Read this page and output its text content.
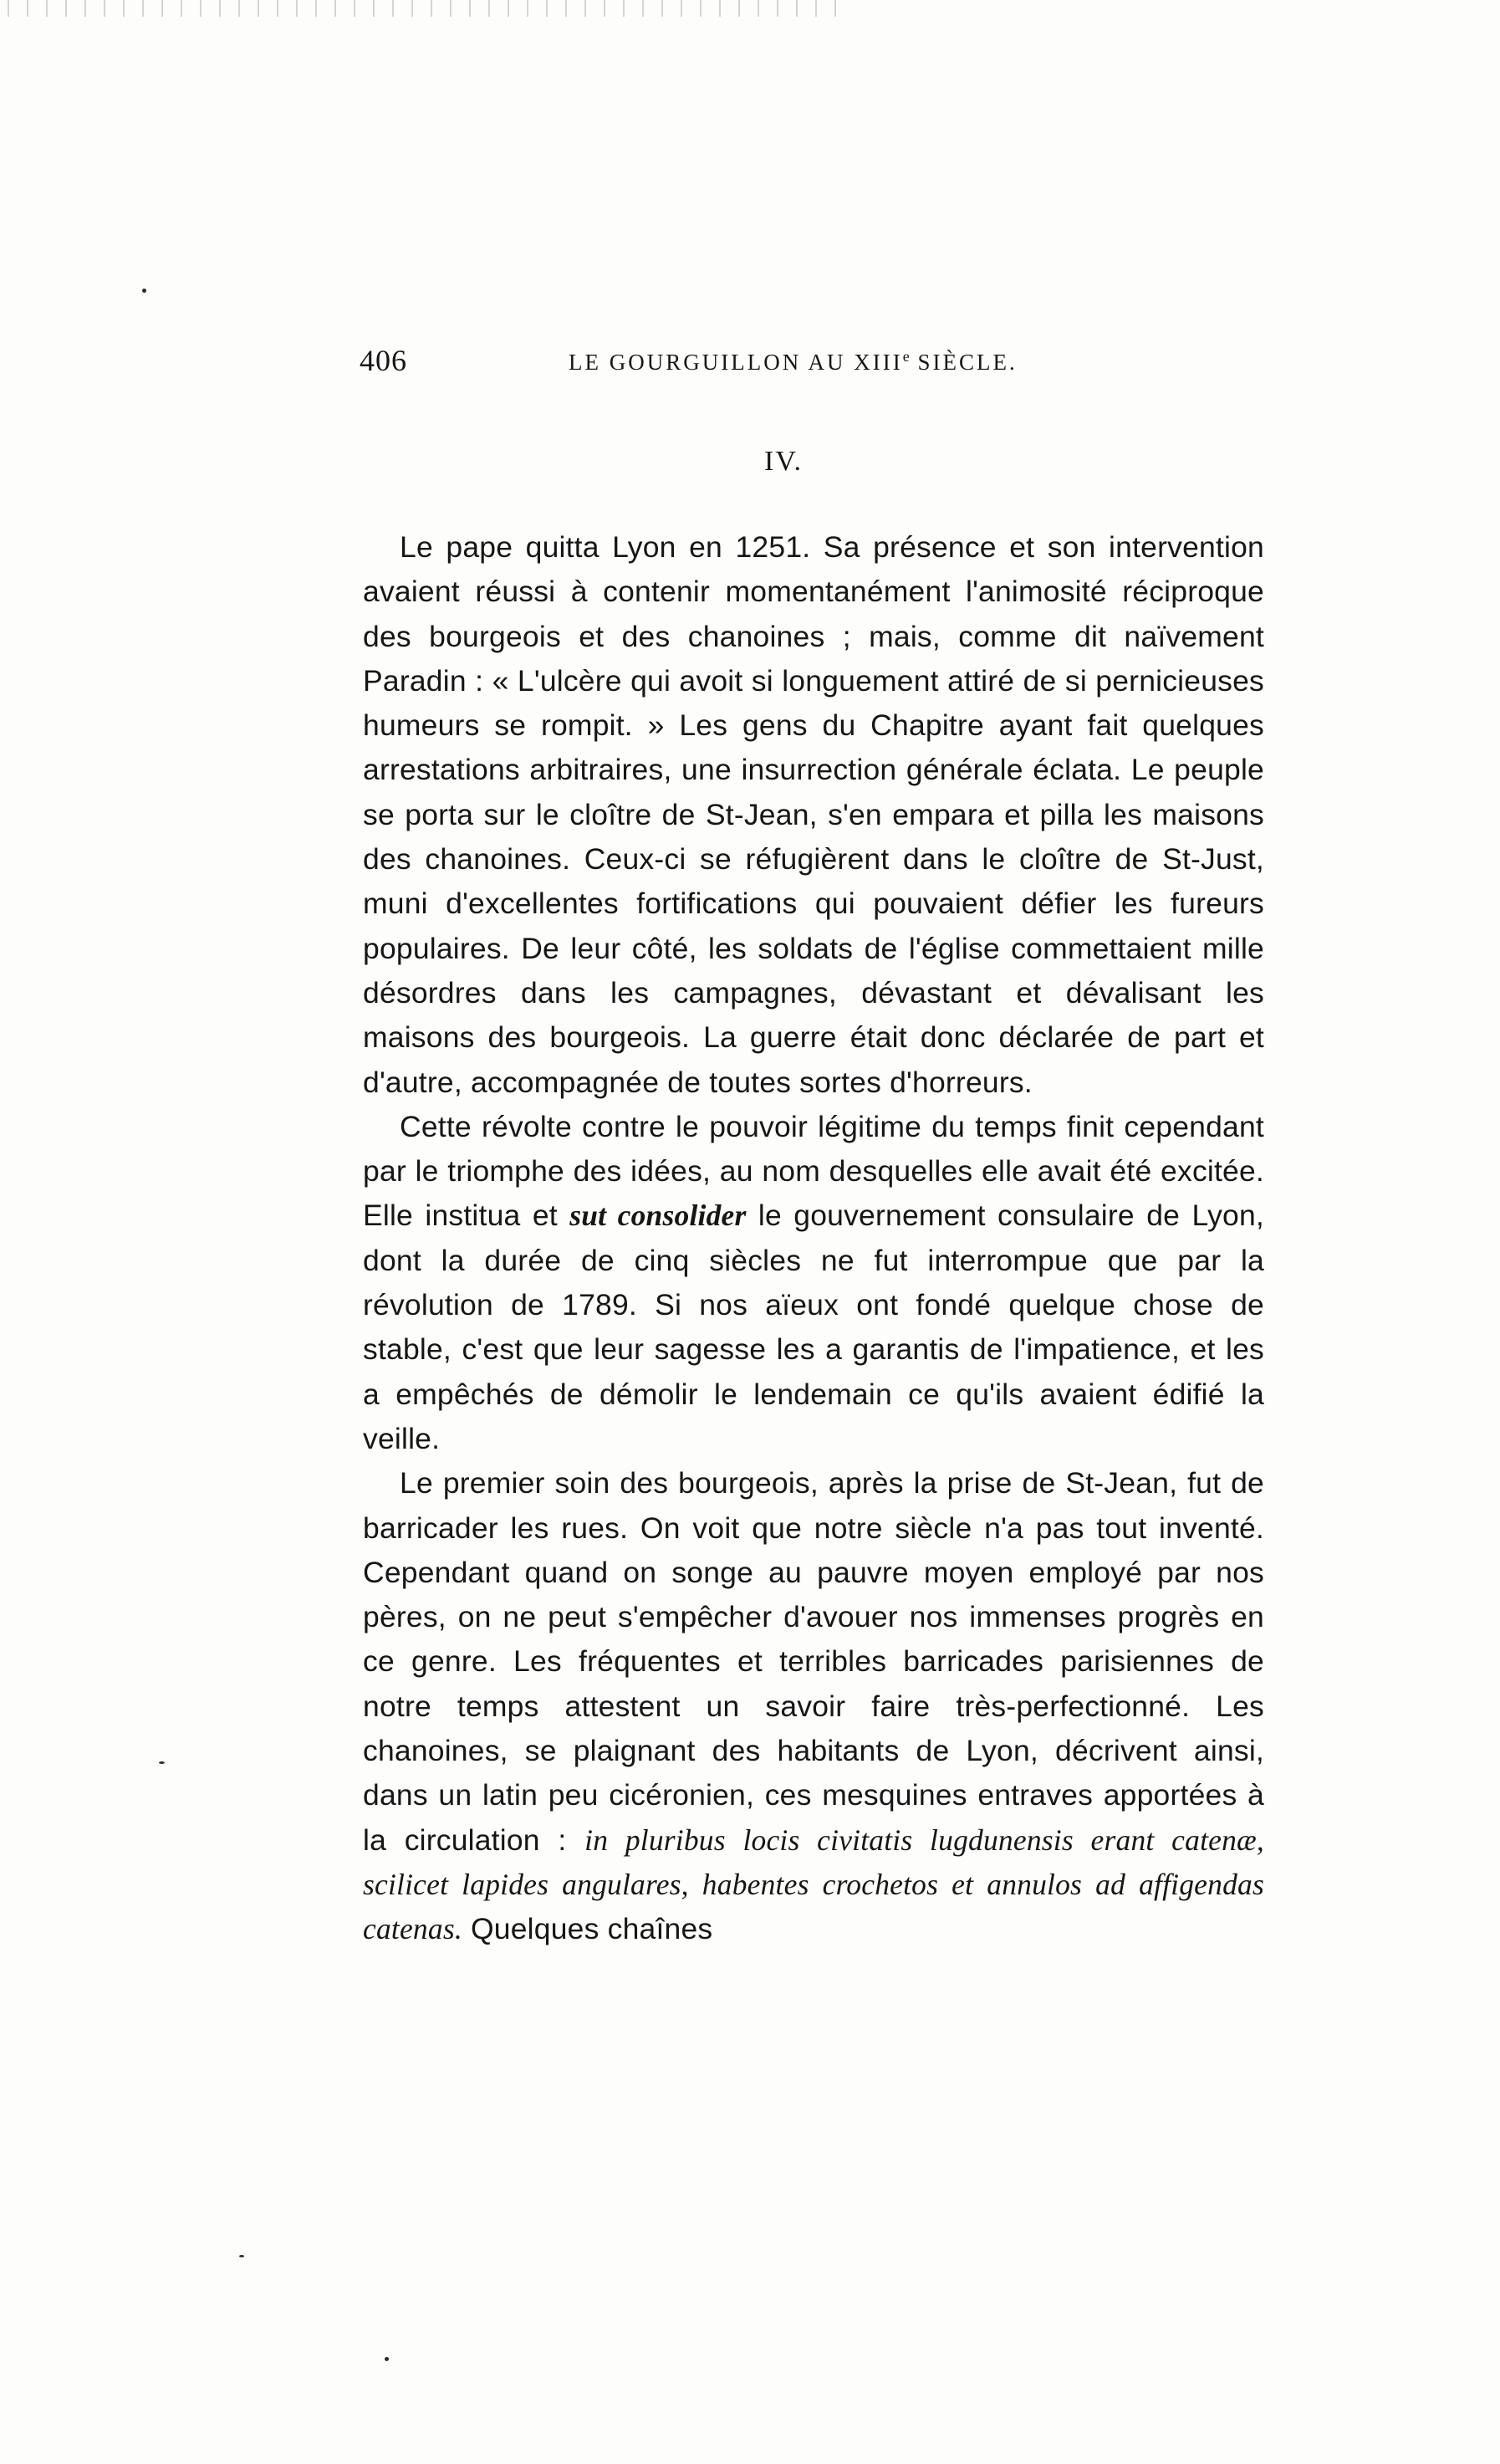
406	LE GOURGUILLON AU XIIIe SIÈCLE.
IV.

Le pape quitta Lyon en 1251. Sa présence et son intervention avaient réussi à contenir momentanément l'animosité réciproque des bourgeois et des chanoines ; mais, comme dit naïvement Paradin : « L'ulcère qui avoit si longuement attiré de si pernicieuses humeurs se rompit. » Les gens du Chapitre ayant fait quelques arrestations arbitraires, une insurrection générale éclata. Le peuple se porta sur le cloître de St-Jean, s'en empara et pilla les maisons des chanoines. Ceux-ci se réfugièrent dans le cloître de St-Just, muni d'excellentes fortifications qui pouvaient défier les fureurs populaires. De leur côté, les soldats de l'église commettaient mille désordres dans les campagnes, dévastant et dévalisant les maisons des bourgeois. La guerre était donc déclarée de part et d'autre, accompagnée de toutes sortes d'horreurs.

Cette révolte contre le pouvoir légitime du temps finit cependant par le triomphe des idées, au nom desquelles elle avait été excitée. Elle institua et sut consolider le gouvernement consulaire de Lyon, dont la durée de cinq siècles ne fut interrompue que par la révolution de 1789. Si nos aïeux ont fondé quelque chose de stable, c'est que leur sagesse les a garantis de l'impatience, et les a empêchés de démolir le lendemain ce qu'ils avaient édifié la veille.

Le premier soin des bourgeois, après la prise de St-Jean, fut de barricader les rues. On voit que notre siècle n'a pas tout inventé. Cependant quand on songe au pauvre moyen employé par nos pères, on ne peut s'empêcher d'avouer nos immenses progrès en ce genre. Les fréquentes et terribles barricades parisiennes de notre temps attestent un savoir faire très-perfectionné. Les chanoines, se plaignant des habitants de Lyon, décrivent ainsi, dans un latin peu cicéronien, ces mesquines entraves apportées à la circulation : in pluribus locis civitatis lugdunensis erant catenæ, scilicet lapides angulares, habentes crochetos et annulos ad affigendas catenas. Quelques chaînes
